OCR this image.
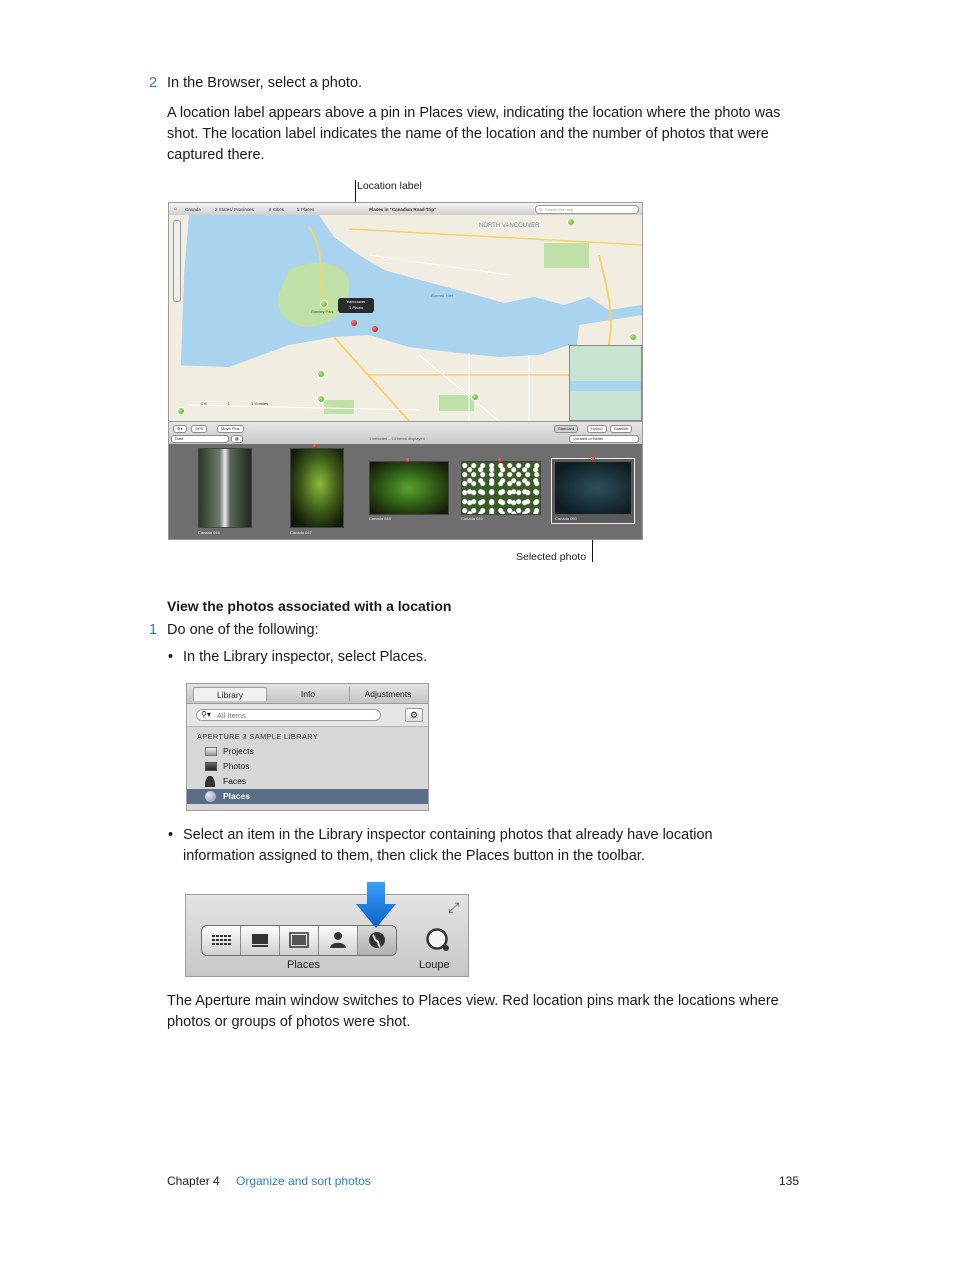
2 In the Browser, select a photo.
A location label appears above a pin in Places view, indicating the location where the photo was
shot. The location label indicates the name of the location and the number of photos that were
captured there.
Location label
Selected photo
⌂ Canada	2 States/ Provinces	2 Cities	5 Places	Places in "Canadian Road Trip"	⚲ Search the map
Vancouver
1 Photo
NORTH VANCOUVER
Stanley Park
Burrard Inlet
0 ft	1	1 ½ miles
⚙▾	GPS	Move Pins
Date	▦	1 selected – 14 items displayed
Standard	Hybrid	Satellite
Unrated or Better
Canada 046	Canada 047
Canada 048	Canada 049	Canada 050
View the photos associated with a location
1 Do one of the following:
• In the Library inspector, select Places.
Library	Info	Adjustments
⚲▾ All Items	⚙
APERTURE 3 SAMPLE LIBRARY
Projects
Photos
Faces
Places
• Select an item in the Library inspector containing photos that already have location
information assigned to them, then click the Places button in the toolbar.
⤢
Places	Loupe
The Aperture main window switches to Places view. Red location pins mark the locations where
photos or groups of photos were shot.
Chapter 4 Organize and sort photos	135
